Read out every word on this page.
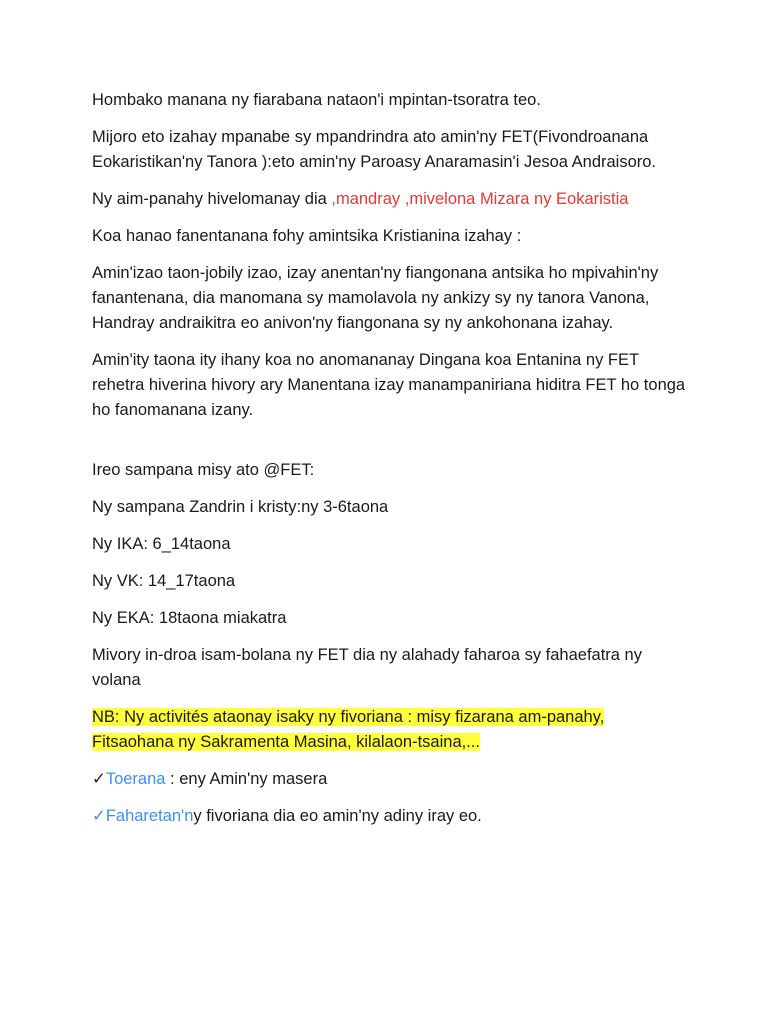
Hombako manana ny fiarabana nataon'i mpintan-tsoratra teo.

Mijoro eto izahay mpanabe sy mpandrindra ato amin'ny FET(Fivondroanana Eokaristikan'ny Tanora ):eto amin'ny Paroasy Anaramasin'i Jesoa Andraisoro.

Ny aim-panahy hivelomanay dia ,mandray ,mivelona Mizara ny Eokaristia

Koa hanao fanentanana fohy amintsika Kristianina izahay :

Amin'izao taon-jobily izao, izay anentan'ny fiangonana antsika ho mpivahin'ny fanantenana, dia manomana sy mamolavola ny ankizy sy ny tanora Vanona, Handray andraikitra eo anivon'ny fiangonana sy ny ankohonana izahay.

Amin'ity taona ity ihany koa no anomananay Dingana koa Entanina ny FET rehetra hiverina hivory ary Manentana izay manampaniriana hiditra FET ho tonga ho fanomanana izany.

Ireo sampana misy ato @FET:

Ny sampana Zandrin i kristy:ny 3-6taona

Ny IKA: 6_14taona

Ny VK: 14_17taona

Ny EKA: 18taona miakatra

Mivory in-droa isam-bolana ny FET dia ny alahady faharoa sy fahaefatra ny volana

NB: Ny activités ataonay isaky ny fivoriana : misy fizarana am-panahy,
Fitsaohana ny Sakramenta Masina, kilalaon-tsaina,...

✓Toerana : eny Amin'ny masera

✓Faharetan'ny fivoriana dia eo amin'ny adiny iray eo.
